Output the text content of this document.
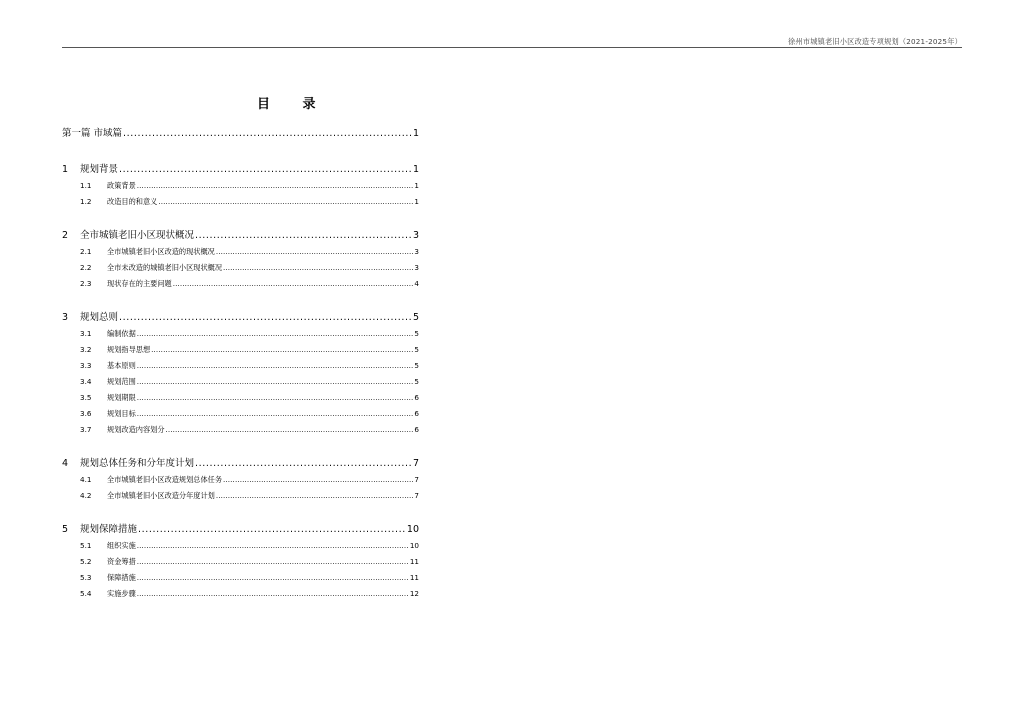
徐州市城镇老旧小区改造专项规划（2021-2025年）
目 录
第一篇 市域篇 .....	1
1	规划背景 .....	1
1.1	政策背景 .....	1
1.2	改造目的和意义 .....	1
2	全市城镇老旧小区现状概况 .....	3
2.1	全市城镇老旧小区改造的现状概况 .....	3
2.2	全市未改造的城镇老旧小区现状概况 .....	3
2.3	现状存在的主要问题 .....	4
3	规划总则 .....	5
3.1	编制依据 .....	5
3.2	规划指导思想 .....	5
3.3	基本原则 .....	5
3.4	规划范围 .....	5
3.5	规划期限 .....	6
3.6	规划目标 .....	6
3.7	规划改造内容划分 .....	6
4	规划总体任务和分年度计划 .....	7
4.1	全市城镇老旧小区改造规划总体任务 .....	7
4.2	全市城镇老旧小区改造分年度计划 .....	7
5	规划保障措施 .....	10
5.1	组织实施 .....	10
5.2	资金筹措 .....	11
5.3	保障措施 .....	11
5.4	实施步骤 .....	12
